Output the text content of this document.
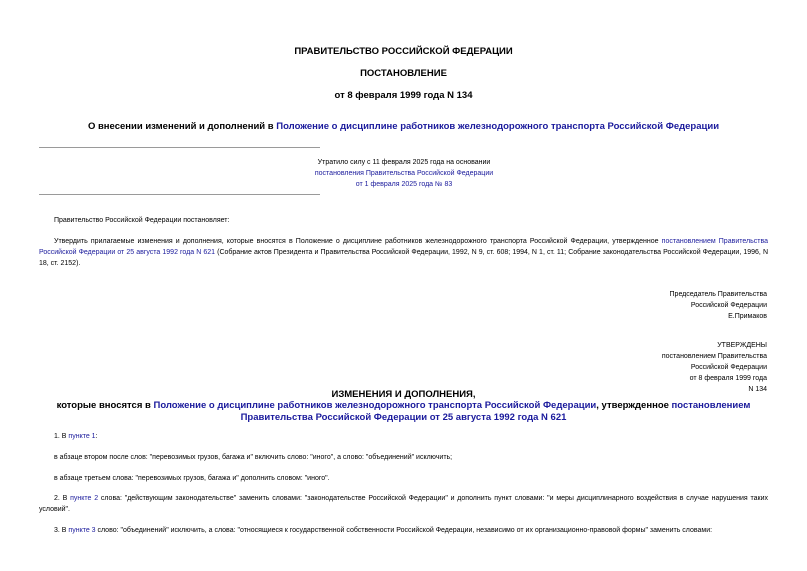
ПРАВИТЕЛЬСТВО РОССИЙСКОЙ ФЕДЕРАЦИИ
ПОСТАНОВЛЕНИЕ
от 8 февраля 1999 года N 134
О внесении изменений и дополнений в Положение о дисциплине работников железнодорожного транспорта Российской Федерации
Утратило силу с 11 февраля 2025 года на основании
постановления Правительства Российской Федерации
от 1 февраля 2025 года № 83
Правительство Российской Федерации постановляет:
Утвердить прилагаемые изменения и дополнения, которые вносятся в Положение о дисциплине работников железнодорожного транспорта Российской Федерации, утвержденное постановлением Правительства Российской Федерации от 25 августа 1992 года N 621 (Собрание актов Президента и Правительства Российской Федерации, 1992, N 9, ст. 608; 1994, N 1, ст. 11; Собрание законодательства Российской Федерации, 1996, N 18, ст. 2152).
Председатель Правительства
Российской Федерации
Е.Примаков
УТВЕРЖДЕНЫ
постановлением Правительства
Российской Федерации
от 8 февраля 1999 года
N 134
ИЗМЕНЕНИЯ И ДОПОЛНЕНИЯ,
которые вносятся в Положение о дисциплине работников железнодорожного транспорта Российской Федерации, утвержденное постановлением Правительства Российской Федерации от 25 августа 1992 года N 621
1. В пункте 1:
в абзаце втором после слов: "перевозимых грузов, багажа и" включить слово: "иного", а слово: "объединений" исключить;
в абзаце третьем слова: "перевозимых грузов, багажа и" дополнить словом: "иного".
2. В пункте 2 слова: "действующим законодательстве" заменить словами: "законодательстве Российской Федерации" и дополнить пункт словами: "и меры дисциплинарного воздействия в случае нарушения таких условий".
3. В пункте 3 слово: "объединений" исключить, а слова: "относящиеся к государственной собственности Российской Федерации, независимо от их организационно-правовой формы" заменить словами:
